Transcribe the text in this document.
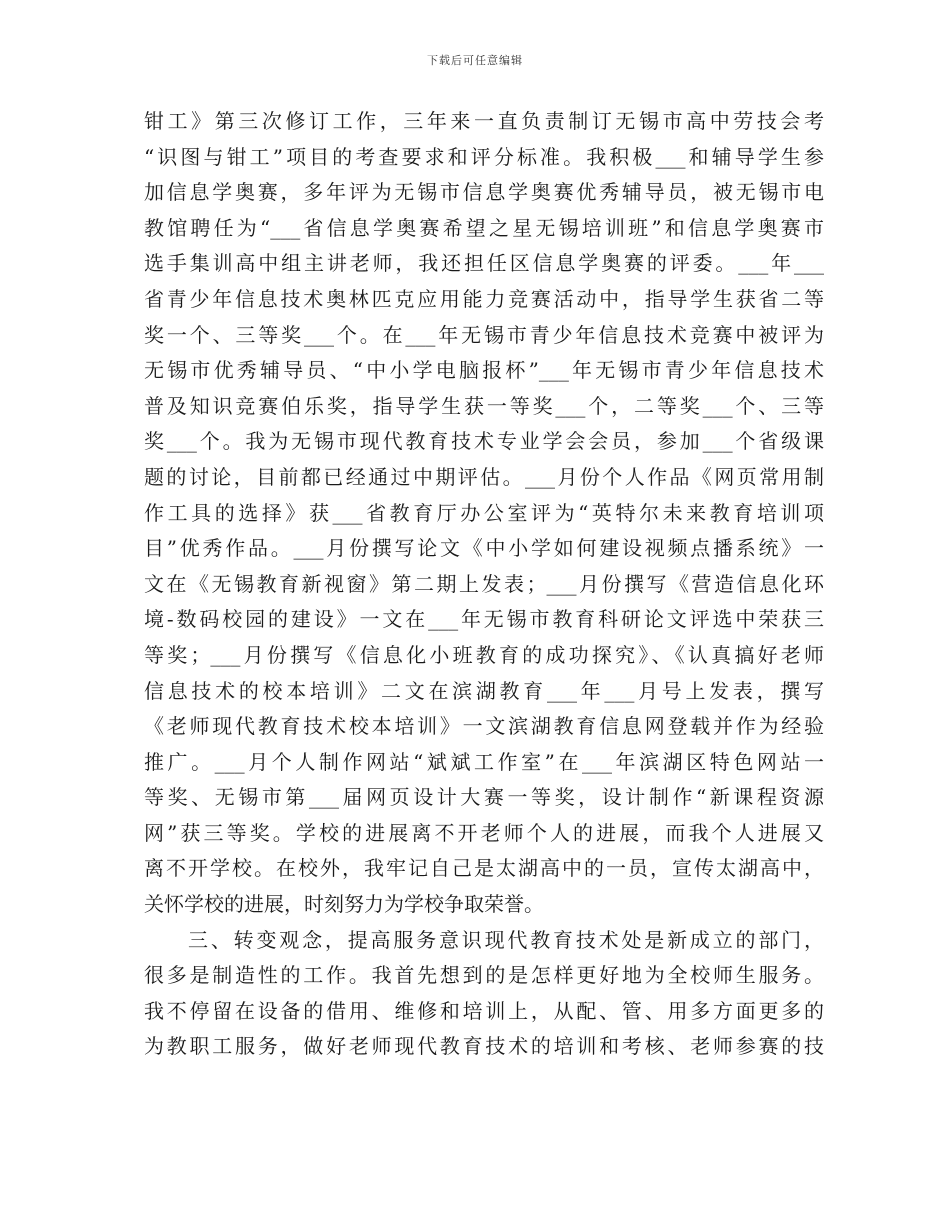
下载后可任意编辑
钳工》第三次修订工作，三年来一直负责制订无锡市高中劳技会考
“识图与钳工”项目的考查要求和评分标准。我积极___和辅导学生参
加信息学奥赛，多年评为无锡市信息学奥赛优秀辅导员，被无锡市电
教馆聘任为“___省信息学奥赛希望之星无锡培训班”和信息学奥赛市
选手集训高中组主讲老师，我还担任区信息学奥赛的评委。___年___
省青少年信息技术奥林匹克应用能力竞赛活动中，指导学生获省二等
奖一个、三等奖___个。在___年无锡市青少年信息技术竞赛中被评为
无锡市优秀辅导员、“中小学电脑报杯”___年无锡市青少年信息技术
普及知识竞赛伯乐奖，指导学生获一等奖___个，二等奖___个、三等
奖___个。我为无锡市现代教育技术专业学会会员，参加___个省级课
题的讨论，目前都已经通过中期评估。___月份个人作品《网页常用制
作工具的选择》获___省教育厅办公室评为“英特尔未来教育培训项
目”优秀作品。___月份撰写论文《中小学如何建设视频点播系统》一
文在《无锡教育新视窗》第二期上发表；___月份撰写《营造信息化环
境-数码校园的建设》一文在___年无锡市教育科研论文评选中荣获三
等奖；___月份撰写《信息化小班教育的成功探究》、《认真搞好老师
信息技术的校本培训》二文在滨湖教育___年___月号上发表，撰写
《老师现代教育技术校本培训》一文滨湖教育信息网登载并作为经验
推广。___月个人制作网站“斌斌工作室”在___年滨湖区特色网站一
等奖、无锡市第___届网页设计大赛一等奖，设计制作“新课程资源
网”获三等奖。学校的进展离不开老师个人的进展，而我个人进展又
离不开学校。在校外，我牢记自己是太湖高中的一员，宣传太湖高中，
关怀学校的进展，时刻努力为学校争取荣誉。
三、转变观念，提高服务意识现代教育技术处是新成立的部门，
很多是制造性的工作。我首先想到的是怎样更好地为全校师生服务。
我不停留在设备的借用、维修和培训上，从配、管、用多方面更多的
为教职工服务，做好老师现代教育技术的培训和考核、老师参赛的技
